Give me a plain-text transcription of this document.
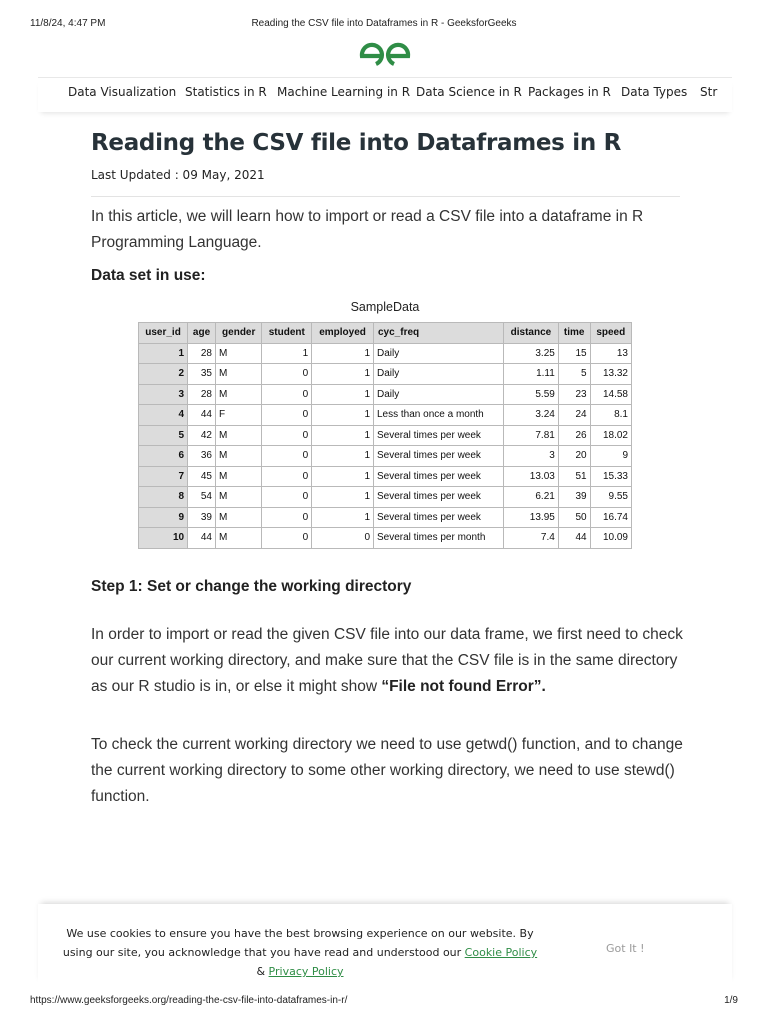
11/8/24, 4:47 PM	Reading the CSV file into Dataframes in R - GeeksforGeeks
Data Visualization Statistics in R Machine Learning in R Data Science in R Packages in R Data Types Str
Reading the CSV file into Dataframes in R
Last Updated : 09 May, 2021

In this article, we will learn how to import or read a CSV file into a dataframe in R Programming Language.

Data set in use:

SampleData
user_id	age	gender	student	employed	cyc_freq	distance	time	speed
1	28	M	1	1	Daily	3.25	15	13
2	35	M	0	1	Daily	1.11	5	13.32
3	28	M	0	1	Daily	5.59	23	14.58
4	44	F	0	1	Less than once a month	3.24	24	8.1
5	42	M	0	1	Several times per week	7.81	26	18.02
6	36	M	0	1	Several times per week	3	20	9
7	45	M	0	1	Several times per week	13.03	51	15.33
8	54	M	0	1	Several times per week	6.21	39	9.55
9	39	M	0	1	Several times per week	13.95	50	16.74
10	44	M	0	0	Several times per month	7.4	44	10.09

Step 1: Set or change the working directory

In order to import or read the given CSV file into our data frame, we first need to check our current working directory, and make sure that the CSV file is in the same directory as our R studio is in, or else it might show “File not found Error”.

To check the current working directory we need to use getwd() function, and to change the current working directory to some other working directory, we need to use stewd() function.

We use cookies to ensure you have the best browsing experience on our website. By using our site, you acknowledge that you have read and understood our Cookie Policy & Privacy Policy

Got It !
https://www.geeksforgeeks.org/reading-the-csv-file-into-dataframes-in-r/	1/9
